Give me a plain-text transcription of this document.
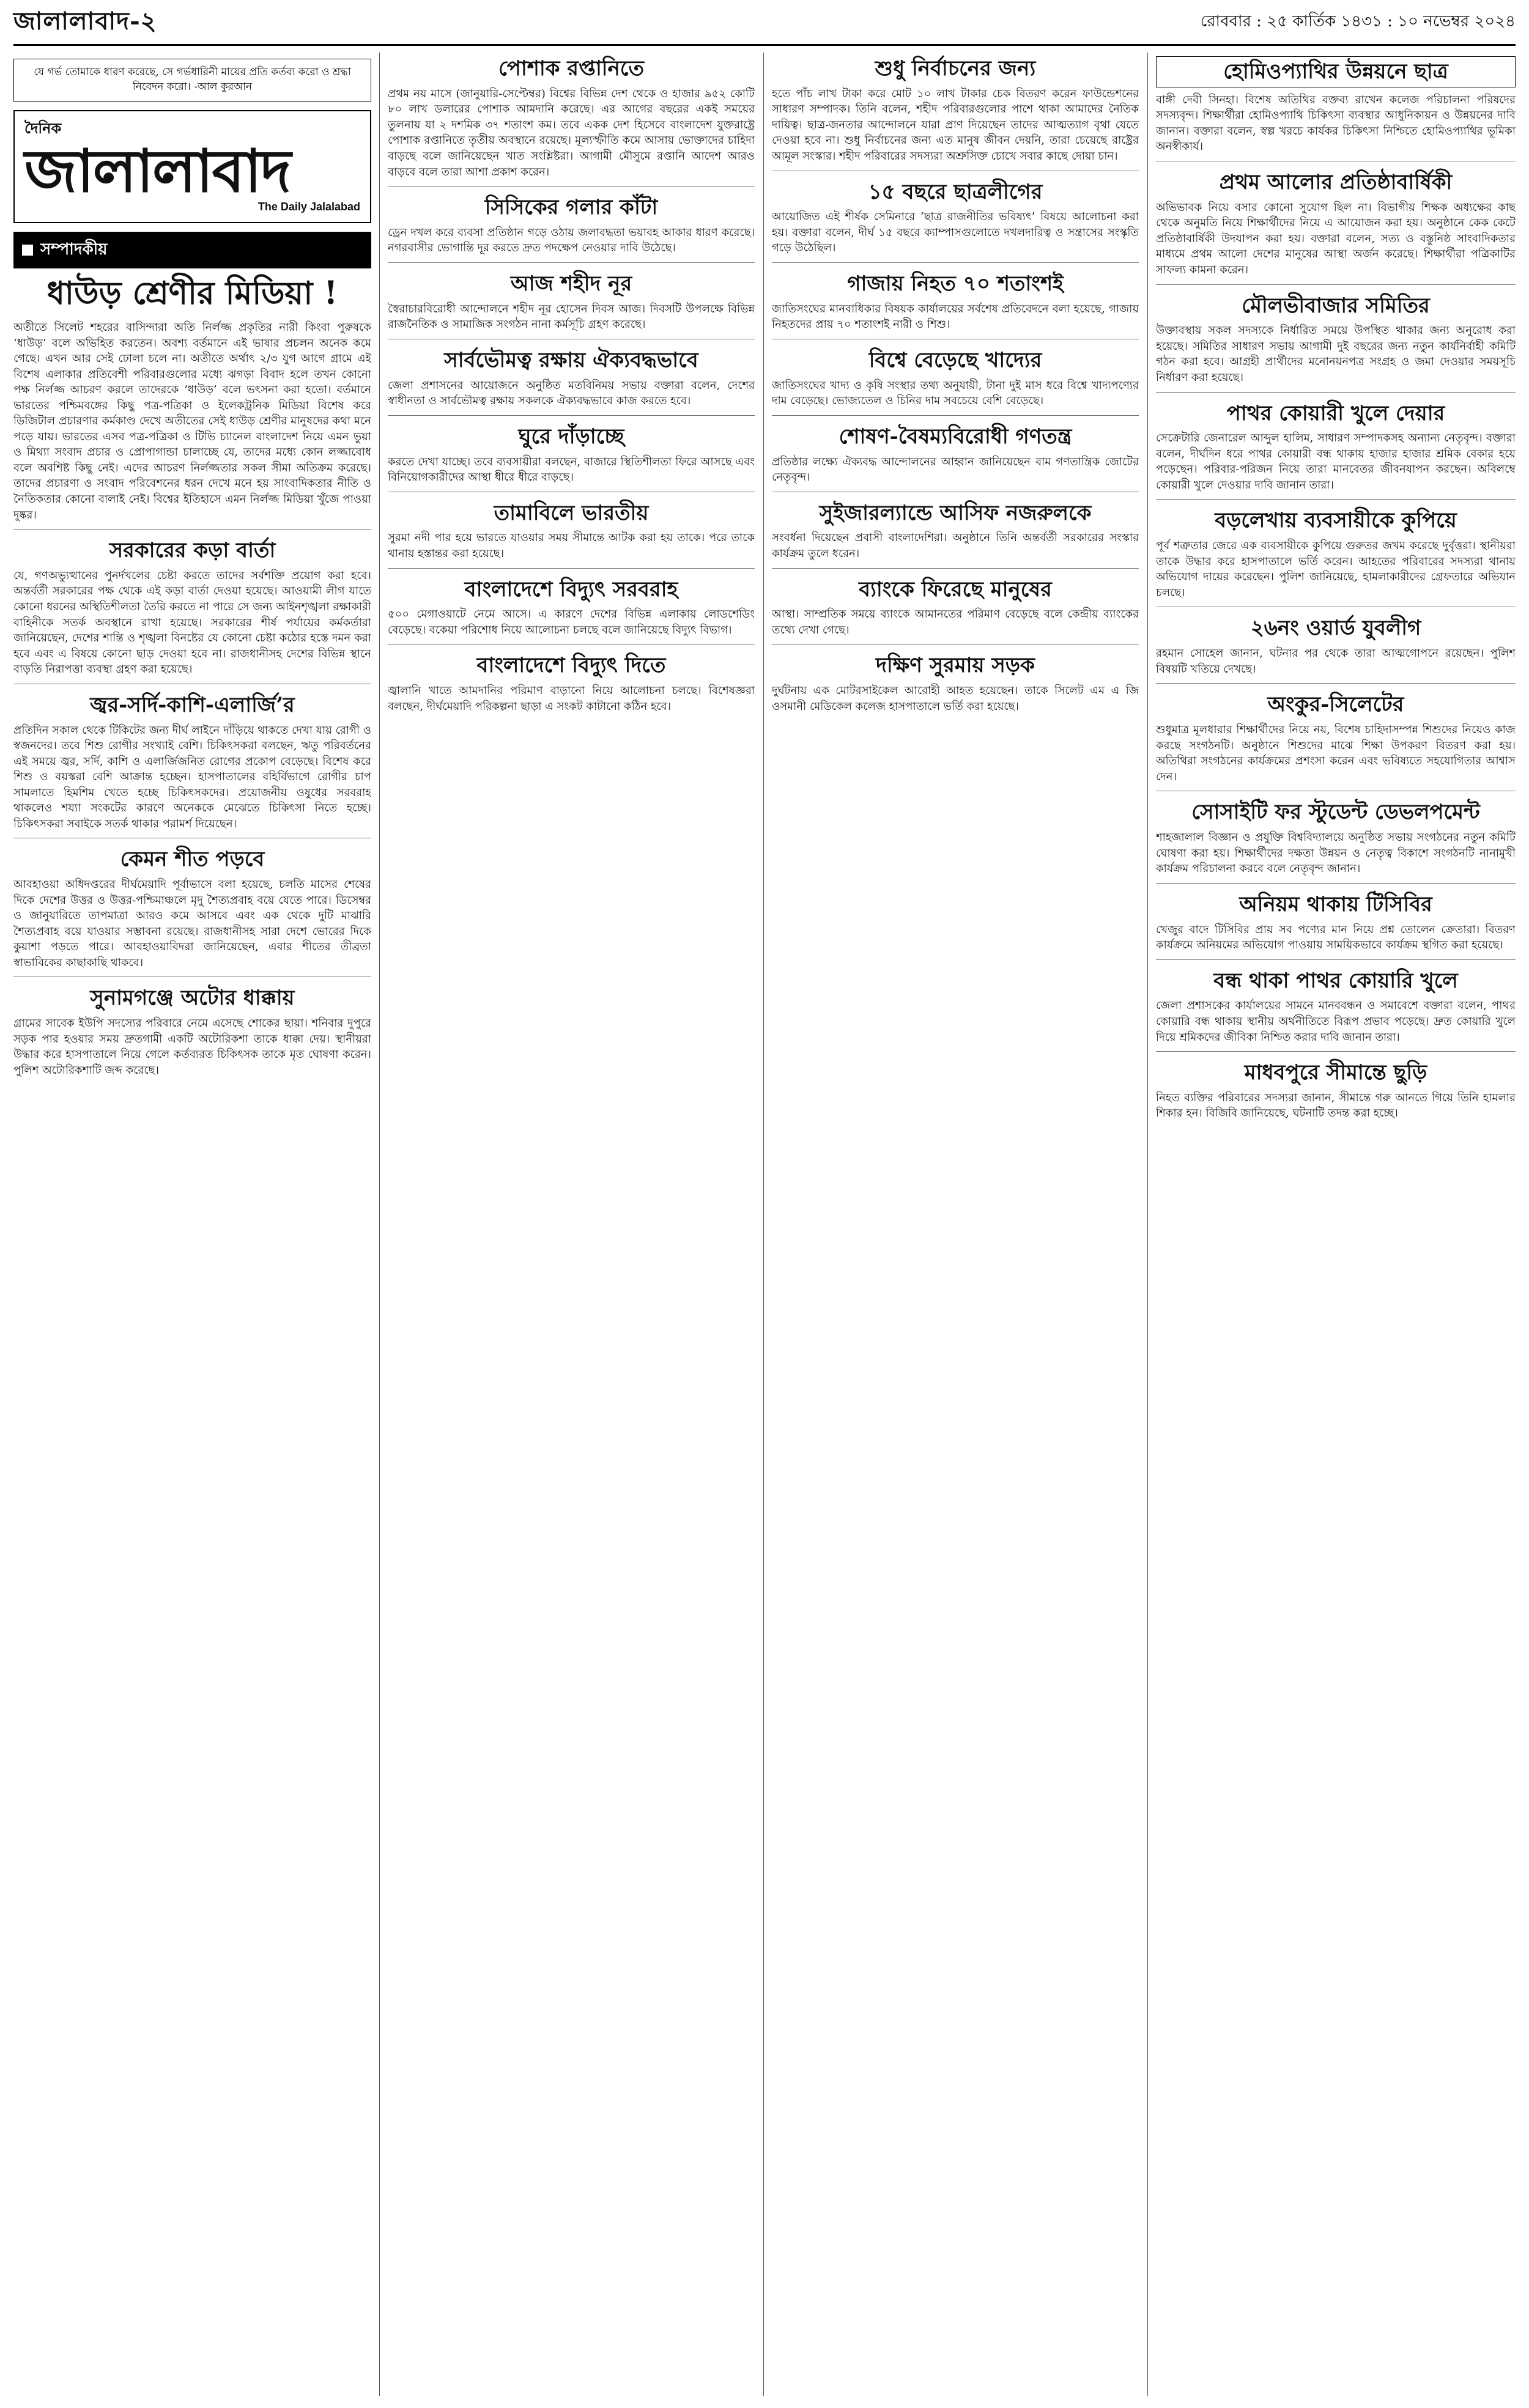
জালালাবাদ-২	রোববার : ২৫ কার্তিক ১৪৩১ : ১০ নভেম্বর ২০২৪
যে গর্ভ তোমাকে ধারণ করেছে, সে গর্ভধারিনী মায়ের প্রতি কর্তব্য করো ও শ্রদ্ধা নিবেদন করো। -আল কুরআন
দৈনিক
জালালাবাদ
The Daily Jalalabad
সম্পাদকীয়
ধাউড় শ্রেণীর মিডিয়া !

অতীতে সিলেট শহরের বাসিন্দারা অতি নির্লজ্জ প্রকৃতির নারী কিংবা পুরুষকে ‘ধাউড়’ বলে অভিহিত করতেন। অবশ্য বর্তমানে এই ভাষার প্রচলন অনেক কমে গেছে। এখন আর সেই ঢোলা চলে না। অতীতে অর্থাৎ ২/৩ যুগ আগে গ্রামে এই বিশেষ এলাকার প্রতিবেশী পরিবারগুলোর মধ্যে ঝগড়া বিবাদ হলে তখন কোনো পক্ষ নির্লজ্জ আচরণ করলে তাদেরকে ‘ধাউড়’ বলে ভৎসনা করা হতো। বর্তমানে ভারতের পশ্চিমবঙ্গের কিছু পত্র-পত্রিকা ও ইলেকট্রনিক মিডিয়া বিশেষ করে ডিজিটাল প্রচারণার কর্মকাণ্ড দেখে অতীতের সেই ধাউড় শ্রেণীর মানুষদের কথা মনে পড়ে যায়। ভারতের এসব পত্র-পত্রিকা ও টিভি চ্যানেল বাংলাদেশ নিয়ে এমন ভুয়া ও মিথ্যা সংবাদ প্রচার ও প্রোপাগান্ডা চালাচ্ছে যে, তাদের মধ্যে কোন লজ্জাবোধ বলে অবশিষ্ট কিছু নেই। এদের আচরণ নির্লজ্জতার সকল সীমা অতিক্রম করেছে। তাদের প্রচারণা ও সংবাদ পরিবেশনের ধরন দেখে মনে হয় সাংবাদিকতার নীতি ও নৈতিকতার কোনো বালাই নেই। বিশ্বের ইতিহাসে এমন নির্লজ্জ মিডিয়া খুঁজে পাওয়া দুষ্কর।

সরকারের কড়া বার্তা

যে, গণঅভ্যুত্থানের পুনর্দখলের চেষ্টা করতে তাদের সর্বশক্তি প্রয়োগ করা হবে। অন্তর্বর্তী সরকারের পক্ষ থেকে এই কড়া বার্তা দেওয়া হয়েছে। আওয়ামী লীগ যাতে কোনো ধরনের অস্থিতিশীলতা তৈরি করতে না পারে সে জন্য আইনশৃঙ্খলা রক্ষাকারী বাহিনীকে সতর্ক অবস্থানে রাখা হয়েছে। সরকারের শীর্ষ পর্যায়ের কর্মকর্তারা জানিয়েছেন, দেশের শান্তি ও শৃঙ্খলা বিনষ্টের যে কোনো চেষ্টা কঠোর হস্তে দমন করা হবে এবং এ বিষয়ে কোনো ছাড় দেওয়া হবে না। রাজধানীসহ দেশের বিভিন্ন স্থানে বাড়তি নিরাপত্তা ব্যবস্থা গ্রহণ করা হয়েছে।

জ্বর-সর্দি-কাশি-এলার্জি’র

প্রতিদিন সকাল থেকে টিকিটের জন্য দীর্ঘ লাইনে দাঁড়িয়ে থাকতে দেখা যায় রোগী ও স্বজনদের। তবে শিশু রোগীর সংখ্যাই বেশি। চিকিৎসকরা বলছেন, ঋতু পরিবর্তনের এই সময়ে জ্বর, সর্দি, কাশি ও এলার্জিজনিত রোগের প্রকোপ বেড়েছে। বিশেষ করে শিশু ও বয়স্করা বেশি আক্রান্ত হচ্ছেন। হাসপাতালের বহির্বিভাগে রোগীর চাপ সামলাতে হিমশিম খেতে হচ্ছে চিকিৎসকদের। প্রয়োজনীয় ওষুধের সরবরাহ থাকলেও শয্যা সংকটের কারণে অনেককে মেঝেতে চিকিৎসা নিতে হচ্ছে। চিকিৎসকরা সবাইকে সতর্ক থাকার পরামর্শ দিয়েছেন।

কেমন শীত পড়বে

আবহাওয়া অধিদপ্তরের দীর্ঘমেয়াদি পূর্বাভাসে বলা হয়েছে, চলতি মাসের শেষের দিকে দেশের উত্তর ও উত্তর-পশ্চিমাঞ্চলে মৃদু শৈত্যপ্রবাহ বয়ে যেতে পারে। ডিসেম্বর ও জানুয়ারিতে তাপমাত্রা আরও কমে আসবে এবং এক থেকে দুটি মাঝারি শৈত্যপ্রবাহ বয়ে যাওয়ার সম্ভাবনা রয়েছে। রাজধানীসহ সারা দেশে ভোরের দিকে কুয়াশা পড়তে পারে। আবহাওয়াবিদরা জানিয়েছেন, এবার শীতের তীব্রতা স্বাভাবিকের কাছাকাছি থাকবে।

সুনামগঞ্জে অটোর ধাক্কায়

গ্রামের সাবেক ইউপি সদস্যের পরিবারে নেমে এসেছে শোকের ছায়া। শনিবার দুপুরে সড়ক পার হওয়ার সময় দ্রুতগামী একটি অটোরিকশা তাকে ধাক্কা দেয়। স্থানীয়রা উদ্ধার করে হাসপাতালে নিয়ে গেলে কর্তব্যরত চিকিৎসক তাকে মৃত ঘোষণা করেন। পুলিশ অটোরিকশাটি জব্দ করেছে।

পোশাক রপ্তানিতে

প্রথম নয় মাসে (জানুয়ারি-সেপ্টেম্বর) বিশ্বের বিভিন্ন দেশ থেকে ও হাজার ৯৫২ কোটি ৮০ লাখ ডলারের পোশাক আমদানি করেছে। এর আগের বছরের একই সময়ের তুলনায় যা ২ দশমিক ৩৭ শতাংশ কম। তবে একক দেশ হিসেবে বাংলাদেশ যুক্তরাষ্ট্রে পোশাক রপ্তানিতে তৃতীয় অবস্থানে রয়েছে। মূল্যস্ফীতি কমে আসায় ভোক্তাদের চাহিদা বাড়ছে বলে জানিয়েছেন খাত সংশ্লিষ্টরা। আগামী মৌসুমে রপ্তানি আদেশ আরও বাড়বে বলে তারা আশা প্রকাশ করেন।

সিসিকের গলার কাঁটা

ড্রেন দখল করে ব্যবসা প্রতিষ্ঠান গড়ে ওঠায় জলাবদ্ধতা ভয়াবহ আকার ধারণ করেছে। নগরবাসীর ভোগান্তি দূর করতে দ্রুত পদক্ষেপ নেওয়ার দাবি উঠেছে।

আজ শহীদ নূর

স্বৈরাচারবিরোধী আন্দোলনে শহীদ নূর হোসেন দিবস আজ। দিবসটি উপলক্ষে বিভিন্ন রাজনৈতিক ও সামাজিক সংগঠন নানা কর্মসূচি গ্রহণ করেছে।

সার্বভৌমত্ব রক্ষায় ঐক্যবদ্ধভাবে

জেলা প্রশাসনের আয়োজনে অনুষ্ঠিত মতবিনিময় সভায় বক্তারা বলেন, দেশের স্বাধীনতা ও সার্বভৌমত্ব রক্ষায় সকলকে ঐক্যবদ্ধভাবে কাজ করতে হবে।

ঘুরে দাঁড়াচ্ছে

করতে দেখা যাচ্ছে। তবে ব্যবসায়ীরা বলছেন, বাজারে স্থিতিশীলতা ফিরে আসছে এবং বিনিয়োগকারীদের আস্থা ধীরে ধীরে বাড়ছে।

তামাবিলে ভারতীয়

সুরমা নদী পার হয়ে ভারতে যাওয়ার সময় সীমান্তে আটক করা হয় তাকে। পরে তাকে থানায় হস্তান্তর করা হয়েছে।

বাংলাদেশে বিদ্যুৎ সরবরাহ

৫০০ মেগাওয়াটে নেমে আসে। এ কারণে দেশের বিভিন্ন এলাকায় লোডশেডিং বেড়েছে। বকেয়া পরিশোধ নিয়ে আলোচনা চলছে বলে জানিয়েছে বিদ্যুৎ বিভাগ।

বাংলাদেশে বিদ্যুৎ দিতে

জ্বালানি খাতে আমদানির পরিমাণ বাড়ানো নিয়ে আলোচনা চলছে। বিশেষজ্ঞরা বলছেন, দীর্ঘমেয়াদি পরিকল্পনা ছাড়া এ সংকট কাটানো কঠিন হবে।

শুধু নির্বাচনের জন্য

হতে পাঁচ লাখ টাকা করে মোট ১০ লাখ টাকার চেক বিতরণ করেন ফাউন্ডেশনের সাধারণ সম্পাদক। তিনি বলেন, শহীদ পরিবারগুলোর পাশে থাকা আমাদের নৈতিক দায়িত্ব। ছাত্র-জনতার আন্দোলনে যারা প্রাণ দিয়েছেন তাদের আত্মত্যাগ বৃথা যেতে দেওয়া হবে না। শুধু নির্বাচনের জন্য এত মানুষ জীবন দেয়নি, তারা চেয়েছে রাষ্ট্রের আমূল সংস্কার। শহীদ পরিবারের সদস্যরা অশ্রুসিক্ত চোখে সবার কাছে দোয়া চান।

১৫ বছরে ছাত্রলীগের

আয়োজিত এই শীর্ষক সেমিনারে ‘ছাত্র রাজনীতির ভবিষ্যৎ’ বিষয়ে আলোচনা করা হয়। বক্তারা বলেন, দীর্ঘ ১৫ বছরে ক্যাম্পাসগুলোতে দখলদারিত্ব ও সন্ত্রাসের সংস্কৃতি গড়ে উঠেছিল।

গাজায় নিহত ৭০ শতাংশই

জাতিসংঘের মানবাধিকার বিষয়ক কার্যালয়ের সর্বশেষ প্রতিবেদনে বলা হয়েছে, গাজায় নিহতদের প্রায় ৭০ শতাংশই নারী ও শিশু।

বিশ্বে বেড়েছে খাদ্যের

জাতিসংঘের খাদ্য ও কৃষি সংস্থার তথ্য অনুযায়ী, টানা দুই মাস ধরে বিশ্বে খাদ্যপণ্যের দাম বেড়েছে। ভোজ্যতেল ও চিনির দাম সবচেয়ে বেশি বেড়েছে।

শোষণ-বৈষম্যবিরোধী গণতন্ত্র

প্রতিষ্ঠার লক্ষ্যে ঐক্যবদ্ধ আন্দোলনের আহ্বান জানিয়েছেন বাম গণতান্ত্রিক জোটের নেতৃবৃন্দ।

সুইজারল্যান্ডে আসিফ নজরুলকে

সংবর্ধনা দিয়েছেন প্রবাসী বাংলাদেশিরা। অনুষ্ঠানে তিনি অন্তর্বর্তী সরকারের সংস্কার কার্যক্রম তুলে ধরেন।

ব্যাংকে ফিরেছে মানুষের

আস্থা। সাম্প্রতিক সময়ে ব্যাংকে আমানতের পরিমাণ বেড়েছে বলে কেন্দ্রীয় ব্যাংকের তথ্যে দেখা গেছে।

দক্ষিণ সুরমায় সড়ক

দুর্ঘটনায় এক মোটরসাইকেল আরোহী আহত হয়েছেন। তাকে সিলেট এম এ জি ওসমানী মেডিকেল কলেজ হাসপাতালে ভর্তি করা হয়েছে।

হোমিওপ্যাথির উন্নয়নে ছাত্র

বাঙ্গী দেবী সিনহা। বিশেষ অতিথির বক্তব্য রাখেন কলেজ পরিচালনা পরিষদের সদস্যবৃন্দ। শিক্ষার্থীরা হোমিওপ্যাথি চিকিৎসা ব্যবস্থার আধুনিকায়ন ও উন্নয়নের দাবি জানান। বক্তারা বলেন, স্বল্প খরচে কার্যকর চিকিৎসা নিশ্চিতে হোমিওপ্যাথির ভূমিকা অনস্বীকার্য।

প্রথম আলোর প্রতিষ্ঠাবার্ষিকী

অভিভাবক নিয়ে বসার কোনো সুযোগ ছিল না। বিভাগীয় শিক্ষক অধ্যক্ষের কাছ থেকে অনুমতি নিয়ে শিক্ষার্থীদের নিয়ে এ আয়োজন করা হয়। অনুষ্ঠানে কেক কেটে প্রতিষ্ঠাবার্ষিকী উদযাপন করা হয়। বক্তারা বলেন, সত্য ও বস্তুনিষ্ঠ সাংবাদিকতার মাধ্যমে প্রথম আলো দেশের মানুষের আস্থা অর্জন করেছে। শিক্ষার্থীরা পত্রিকাটির সাফল্য কামনা করেন।

মৌলভীবাজার সমিতির

উক্তাবস্থায় সকল সদস্যকে নির্ধারিত সময়ে উপস্থিত থাকার জন্য অনুরোধ করা হয়েছে। সমিতির সাধারণ সভায় আগামী দুই বছরের জন্য নতুন কার্যনির্বাহী কমিটি গঠন করা হবে। আগ্রহী প্রার্থীদের মনোনয়নপত্র সংগ্রহ ও জমা দেওয়ার সময়সূচি নির্ধারণ করা হয়েছে।

পাথর কোয়ারী খুলে দেয়ার

সেক্রেটারি জেনারেল আব্দুল হালিম, সাধারণ সম্পাদকসহ অন্যান্য নেতৃবৃন্দ। বক্তারা বলেন, দীর্ঘদিন ধরে পাথর কোয়ারী বন্ধ থাকায় হাজার হাজার শ্রমিক বেকার হয়ে পড়েছেন। পরিবার-পরিজন নিয়ে তারা মানবেতর জীবনযাপন করছেন। অবিলম্বে কোয়ারী খুলে দেওয়ার দাবি জানান তারা।

বড়লেখায় ব্যবসায়ীকে কুপিয়ে

পূর্ব শত্রুতার জেরে এক ব্যবসায়ীকে কুপিয়ে গুরুতর জখম করেছে দুর্বৃত্তরা। স্থানীয়রা তাকে উদ্ধার করে হাসপাতালে ভর্তি করেন। আহতের পরিবারের সদস্যরা থানায় অভিযোগ দায়ের করেছেন। পুলিশ জানিয়েছে, হামলাকারীদের গ্রেফতারে অভিযান চলছে।

২৬নং ওয়ার্ড যুবলীগ

রহমান সোহেল জানান, ঘটনার পর থেকে তারা আত্মগোপনে রয়েছেন। পুলিশ বিষয়টি খতিয়ে দেখছে।

অংকুর-সিলেটের

শুধুমাত্র মূলধারার শিক্ষার্থীদের নিয়ে নয়, বিশেষ চাহিদাসম্পন্ন শিশুদের নিয়েও কাজ করছে সংগঠনটি। অনুষ্ঠানে শিশুদের মাঝে শিক্ষা উপকরণ বিতরণ করা হয়। অতিথিরা সংগঠনের কার্যক্রমের প্রশংসা করেন এবং ভবিষ্যতে সহযোগিতার আশ্বাস দেন।

সোসাইটি ফর স্টুডেন্ট ডেভলপমেন্ট

শাহজালাল বিজ্ঞান ও প্রযুক্তি বিশ্ববিদ্যালয়ে অনুষ্ঠিত সভায় সংগঠনের নতুন কমিটি ঘোষণা করা হয়। শিক্ষার্থীদের দক্ষতা উন্নয়ন ও নেতৃত্ব বিকাশে সংগঠনটি নানামুখী কার্যক্রম পরিচালনা করবে বলে নেতৃবৃন্দ জানান।

অনিয়ম থাকায় টিসিবির

খেজুর বাদে টিসিবির প্রায় সব পণ্যের মান নিয়ে প্রশ্ন তোলেন ক্রেতারা। বিতরণ কার্যক্রমে অনিয়মের অভিযোগ পাওয়ায় সাময়িকভাবে কার্যক্রম স্থগিত করা হয়েছে।

বন্ধ থাকা পাথর কোয়ারি খুলে

জেলা প্রশাসকের কার্যালয়ের সামনে মানববন্ধন ও সমাবেশে বক্তারা বলেন, পাথর কোয়ারি বন্ধ থাকায় স্থানীয় অর্থনীতিতে বিরূপ প্রভাব পড়েছে। দ্রুত কোয়ারি খুলে দিয়ে শ্রমিকদের জীবিকা নিশ্চিত করার দাবি জানান তারা।

মাধবপুরে সীমান্তে ছুড়ি

নিহত ব্যক্তির পরিবারের সদস্যরা জানান, সীমান্তে গরু আনতে গিয়ে তিনি হামলার শিকার হন। বিজিবি জানিয়েছে, ঘটনাটি তদন্ত করা হচ্ছে।
